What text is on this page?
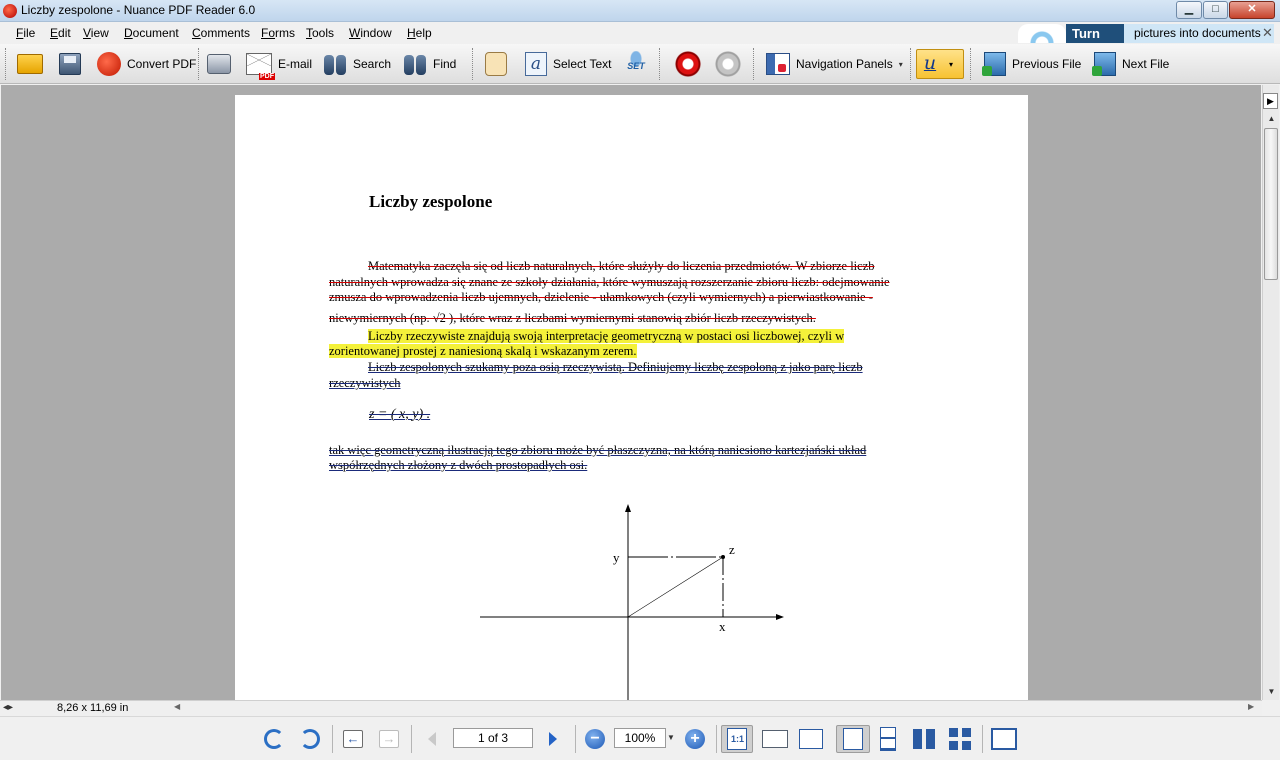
Liczby zespolone - Nuance PDF Reader 6.0	▁	□	✕
File Edit View Document Comments Forms Tools Window Help	Turn	pictures into documents ✕
Convert PDF
PDF	E-mail	Search	Find	a Select Text	SET	Navigation Panels ▾	u	▾	Previous File	Next File
Liczby zespolone
Matematyka zaczęła się od liczb naturalnych, które służyły do liczenia przedmiotów. W zbiorze liczb
naturalnych wprowadza się znane ze szkoły działania, które wymuszają rozszerzanie zbioru liczb: odejmowanie
zmusza do wprowadzenia liczb ujemnych, dzielenie - ułamkowych (czyli wymiernych) a pierwiastkowanie -
niewymiernych (np. √2 ), które wraz z liczbami wymiernymi stanowią zbiór liczb rzeczywistych.
Liczby rzeczywiste znajdują swoją interpretację geometryczną w postaci osi liczbowej, czyli w
zorientowanej prostej z naniesioną skalą i wskazanym zerem.
Liczb zespolonych szukamy poza osią rzeczywistą. Definiujemy liczbę zespoloną z jako parę liczb
rzeczywistych
z = ( x, y) .
tak więc geometryczną ilustracją tego zbioru może być płaszczyzna, na którą naniesiono kartezjański układ
współrzędnych złożony z dwóch prostopadłych osi.
y
z
x
▲
▼
▶
◂▸	8,26 x 11,69 in	◀	▶
← →
1 of 3	−
100%	▼ +	1:1
